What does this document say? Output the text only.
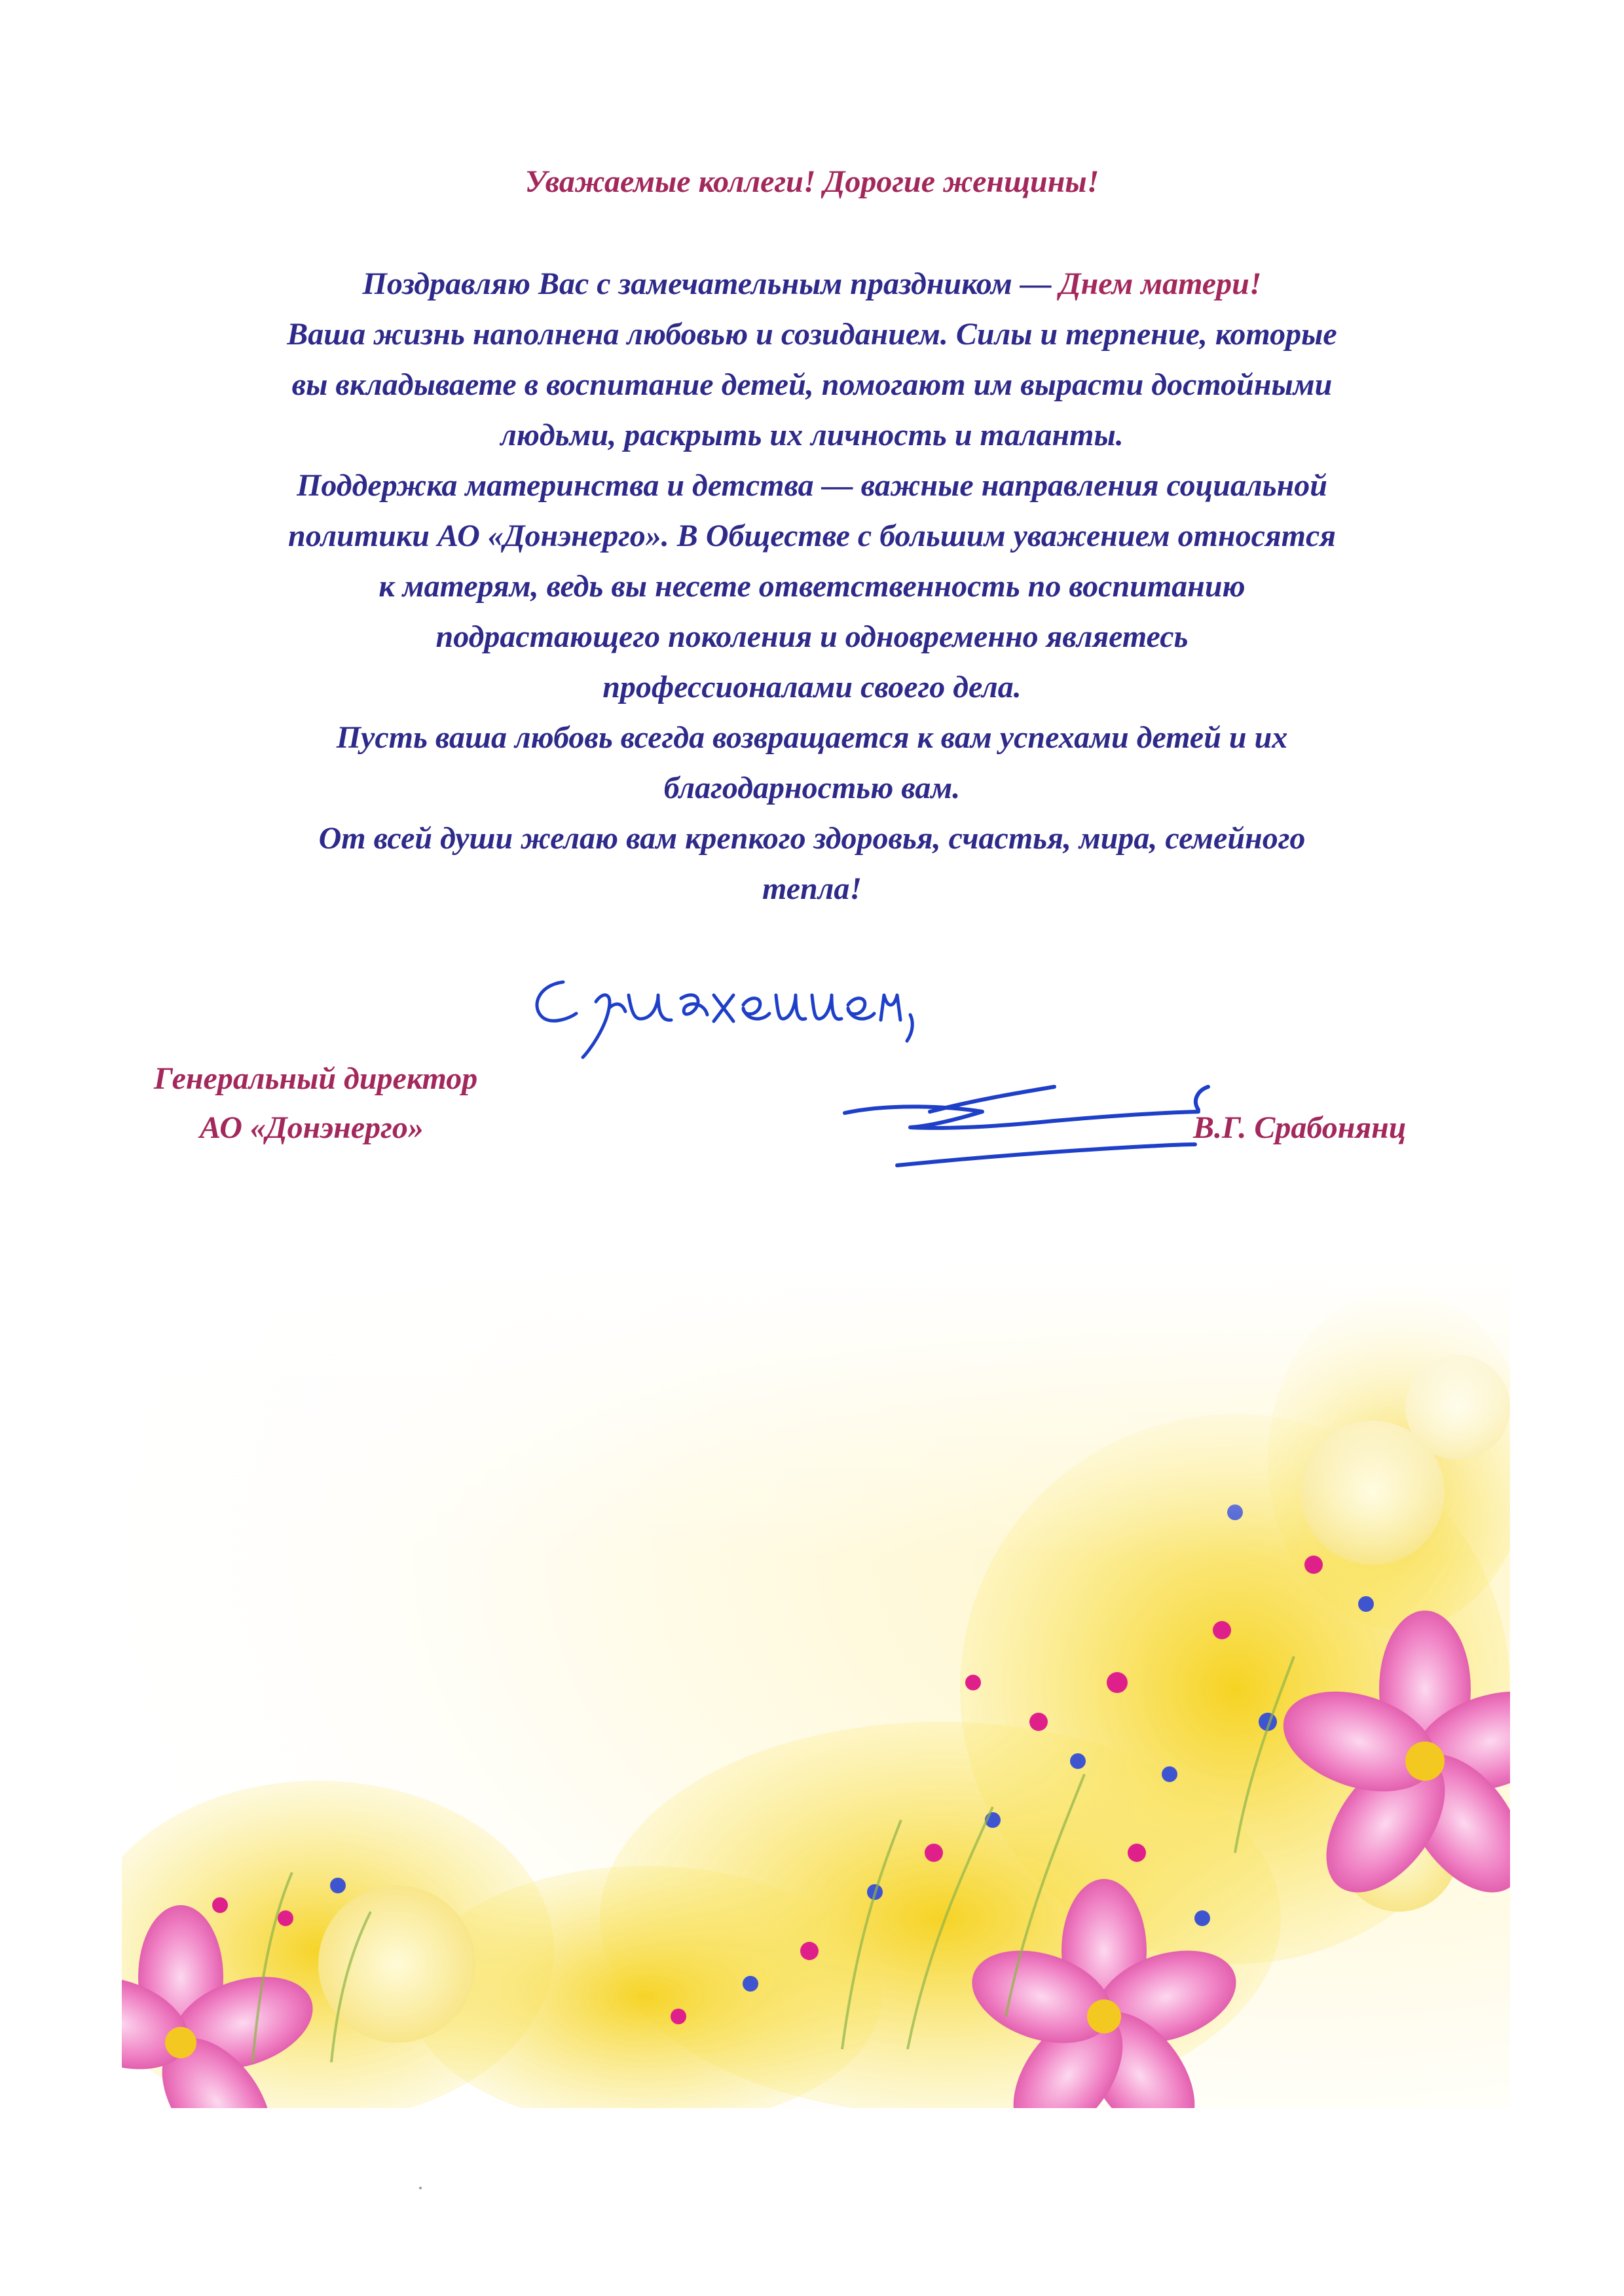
Уважаемые коллеги! Дорогие женщины!

Поздравляю Вас с замечательным праздником — Днем матери!
Ваша жизнь наполнена любовью и созиданием. Силы и терпение, которые
вы вкладываете в воспитание детей, помогают им вырасти достойными
людьми, раскрыть их личность и таланты.
Поддержка материнства и детства — важные направления социальной
политики АО «Донэнерго». В Обществе с большим уважением относятся
к матерям, ведь вы несете ответственность по воспитанию
подрастающего поколения и одновременно являетесь
профессионалами своего дела.
Пусть ваша любовь всегда возвращается к вам успехами детей и их
благодарностью вам.
От всей души желаю вам крепкого здоровья, счастья, мира, семейного
тепла!
Генеральный директор
АО «Донэнерго»	В.Г. Срабонянц
